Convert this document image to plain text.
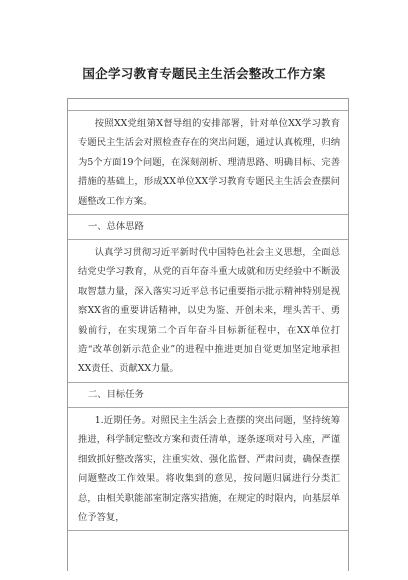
国企学习教育专题民主生活会整改工作方案
按照XX党组第X督导组的安排部署，针对单位XX学习教育专题民主生活会对照检查存在的突出问题，通过认真梳理，归纳为5个方面19个问题，在深刻剖析、理清思路、明确目标、完善措施的基础上，形成XX单位XX学习教育专题民主生活会查摆问题整改工作方案。
一、总体思路
认真学习贯彻习近平新时代中国特色社会主义思想，全面总结党史学习教育，从党的百年奋斗重大成就和历史经验中不断汲取智慧力量，深入落实习近平总书记重要指示批示精神特别是视察XX省的重要讲话精神，以史为鉴、开创未来，埋头苦干、勇毅前行，在实现第二个百年奋斗目标新征程中，在XX单位打造“改革创新示范企业”的进程中推进更加自觉更加坚定地承担XX责任、贡献XX力量。
二、目标任务
1.近期任务。对照民主生活会上查摆的突出问题，坚持统筹推进，科学制定整改方案和责任清单，逐条逐项对号入座，严谨细致抓好整改落实，注重实效、强化监督、严肃问责，确保查摆问题整改工作效果。将收集到的意见，按问题归属进行分类汇总，由相关职能部室制定落实措施，在规定的时限内，向基层单位予答复，
